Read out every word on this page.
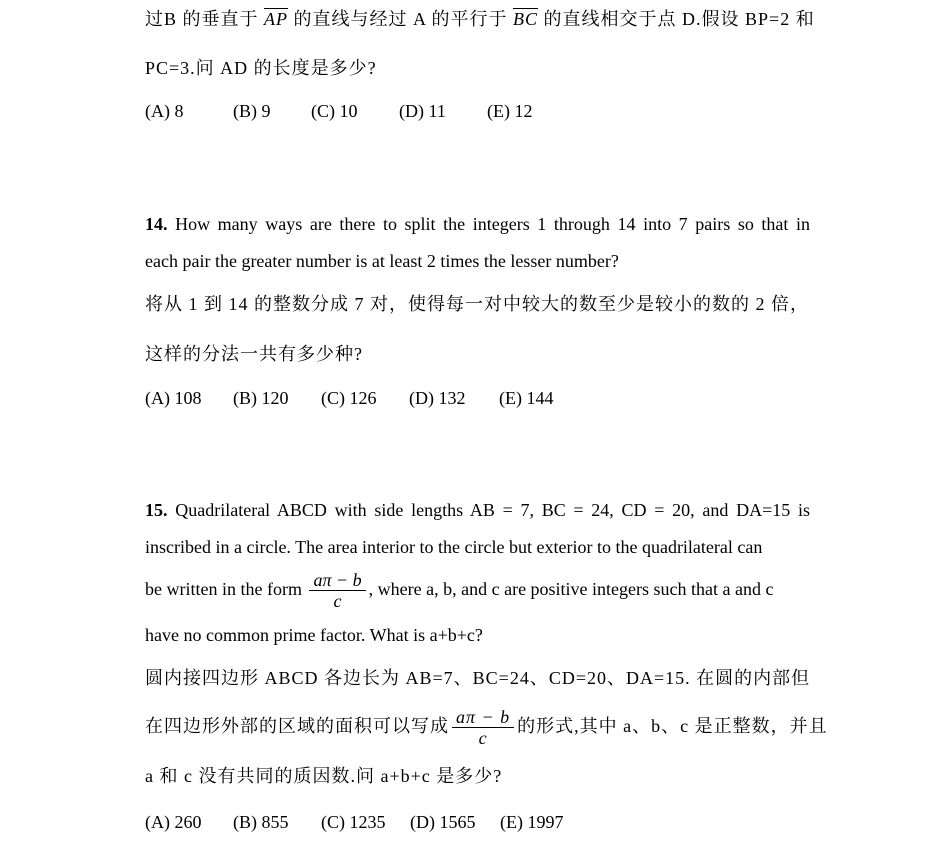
过B 的垂直于 $\overline{AP}$ 的直线与经过 A 的平行于 $\overline{BC}$ 的直线相交于点 D.假设 BP=2 和
PC=3.问 AD 的长度是多少?
(A) 8	(B) 9 (C) 10 (D) 11 (E) 12
14. How many ways are there to split the integers 1 through 14 into 7 pairs so that in
each pair the greater number is at least 2 times the lesser number?
将从 1 到 14 的整数分成 7 对，使得每一对中较大的数至少是较小的数的 2 倍，
这样的分法一共有多少种?
(A) 108 (B) 120 (C) 126 (D) 132 (E) 144
15. Quadrilateral ABCD with side lengths AB = 7, BC = 24, CD = 20, and DA=15 is
inscribed in a circle. The area interior to the circle but exterior to the quadrilateral can
be written in the form $\frac{a\pi - b}{c}$ , where a, b, and c are positive integers such that a and c
have no common prime factor. What is a+b+c?
圆内接四边形 ABCD 各边长为 AB=7、BC=24、CD=20、DA=15. 在圆的内部但
在四边形外部的区域的面积可以写成 $\frac{a\pi - b}{c}$ 的形式,其中 a、b、c 是正整数，并且
a 和 c 没有共同的质因数.问 a+b+c 是多少?
(A) 260 (B) 855 (C) 1235 (D) 1565 (E) 1997
